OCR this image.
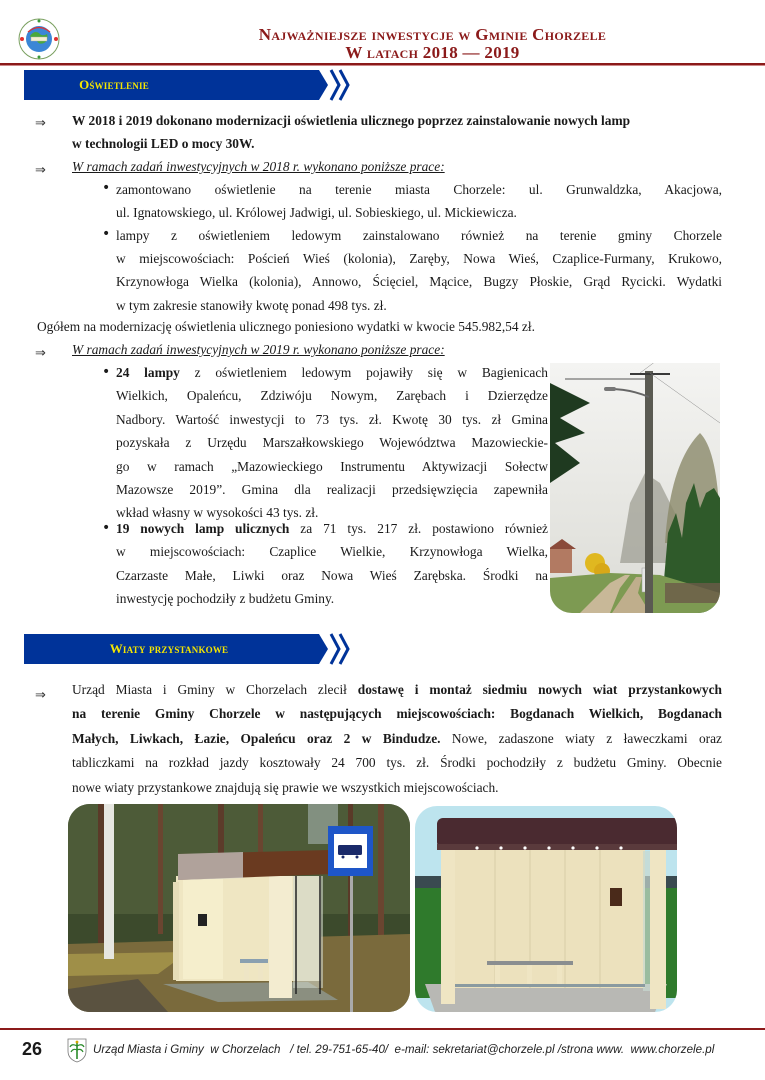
Najważniejsze inwestycje w Gminie Chorzele
W latach 2018 — 2019
Oświetlenie
⇒ W 2018 i 2019 dokonano modernizacji oświetlenia ulicznego poprzez zainstalowanie nowych lamp
w technologii LED o mocy 30W.
⇒ W ramach zadań inwestycyjnych w 2018 r. wykonano poniższe prace:
• zamontowano oświetlenie na terenie miasta Chorzele: ul. Grunwaldzka, Akacjowa,
ul. Ignatowskiego, ul. Królowej Jadwigi, ul. Sobieskiego, ul. Mickiewicza.
• lampy z oświetleniem ledowym zainstalowano również na terenie gminy Chorzele
w miejscowościach: Poścień Wieś (kolonia), Zaręby, Nowa Wieś, Czaplice-Furmany, Krukowo,
Krzynowłoga Wielka (kolonia), Annowo, Ścięciel, Mącice, Bugzy Płoskie, Grąd Rycicki. Wydatki
w tym zakresie stanowiły kwotę ponad 498 tys. zł.
Ogółem na modernizację oświetlenia ulicznego poniesiono wydatki w kwocie 545.982,54 zł.
⇒ W ramach zadań inwestycyjnych w 2019 r. wykonano poniższe prace:
• 24 lampy z oświetleniem ledowym pojawiły się w Bagienicach
Wielkich, Opaleńcu, Zdziwóju Nowym, Zarębach i Dzierzędze
Nadbory. Wartość inwestycji to 73 tys. zł. Kwotę 30 tys. zł Gmina
pozyskała z Urzędu Marszałkowskiego Województwa Mazowieckie-
go w ramach „Mazowieckiego Instrumentu Aktywizacji Sołectw
Mazowsze 2019”. Gmina dla realizacji przedsięwzięcia zapewniła
wkład własny w wysokości 43 tys. zł.
• 19 nowych lamp ulicznych za 71 tys. 217 zł. postawiono również
w miejscowościach: Czaplice Wielkie, Krzynowłoga Wielka,
Czarzaste Małe, Liwki oraz Nowa Wieś Zarębska. Środki na
inwestycję pochodziły z budżetu Gminy.
Wiaty przystankowe
⇒ Urząd Miasta i Gminy w Chorzelach zlecił dostawę i montaż siedmiu nowych wiat przystankowych
na terenie Gminy Chorzele w następujących miejscowościach: Bogdanach Wielkich, Bogdanach
Małych, Liwkach, Łazie, Opaleńcu oraz 2 w Bindudze. Nowe, zadaszone wiaty z ławeczkami oraz
tabliczkami na rozkład jazdy kosztowały 24 700 tys. zł. Środki pochodziły z budżetu Gminy. Obecnie
nowe wiaty przystankowe znajdują się prawie we wszystkich miejscowościach.
26	Urząd Miasta i Gminy  w Chorzelach   / tel. 29-751-65-40/  e-mail: sekretariat@chorzele.pl /strona www.  www.chorzele.pl
